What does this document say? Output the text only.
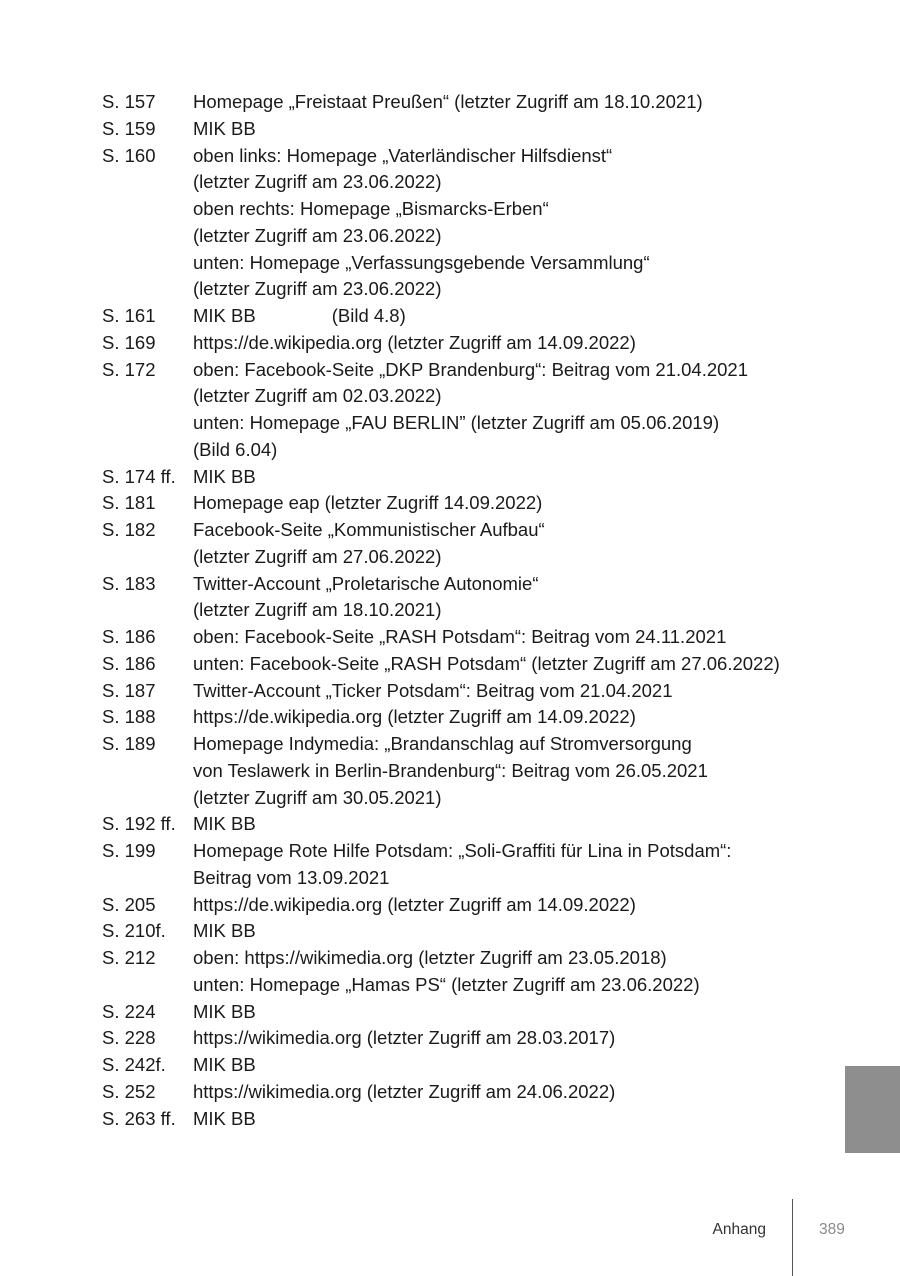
S. 157	Homepage „Freistaat Preußen“ (letzter Zugriff am 18.10.2021)
S. 159	MIK BB
S. 160	oben links: Homepage „Vaterländischer Hilfsdienst“
(letzter Zugriff am 23.06.2022)
oben rechts: Homepage „Bismarcks-Erben“
(letzter Zugriff am 23.06.2022)
unten: Homepage „Verfassungsgebende Versammlung“
(letzter Zugriff am 23.06.2022)
S. 161	MIK BB	(Bild 4.8)
S. 169	https://de.wikipedia.org (letzter Zugriff am 14.09.2022)
S. 172	oben: Facebook-Seite „DKP Brandenburg“: Beitrag vom 21.04.2021
(letzter Zugriff am 02.03.2022)
unten: Homepage „FAU BERLIN” (letzter Zugriff am 05.06.2019)
(Bild 6.04)
S. 174 ff. MIK BB
S. 181	Homepage eap (letzter Zugriff 14.09.2022)
S. 182	Facebook-Seite „Kommunistischer Aufbau“
(letzter Zugriff am 27.06.2022)
S. 183	Twitter-Account „Proletarische Autonomie“
(letzter Zugriff am 18.10.2021)
S. 186	oben: Facebook-Seite „RASH Potsdam“: Beitrag vom 24.11.2021
S. 186	unten: Facebook-Seite „RASH Potsdam“ (letzter Zugriff am 27.06.2022)
S. 187	Twitter-Account „Ticker Potsdam“: Beitrag vom 21.04.2021
S. 188	https://de.wikipedia.org (letzter Zugriff am 14.09.2022)
S. 189	Homepage Indymedia: „Brandanschlag auf Stromversorgung
von Teslawerk in Berlin-Brandenburg“: Beitrag vom 26.05.2021
(letzter Zugriff am 30.05.2021)
S. 192 ff. MIK BB
S. 199	Homepage Rote Hilfe Potsdam: „Soli-Graffiti für Lina in Potsdam“:
Beitrag vom 13.09.2021
S. 205	https://de.wikipedia.org (letzter Zugriff am 14.09.2022)
S. 210f.	MIK BB
S. 212	oben: https://wikimedia.org (letzter Zugriff am 23.05.2018)
unten: Homepage „Hamas PS“ (letzter Zugriff am 23.06.2022)
S. 224	MIK BB
S. 228	https://wikimedia.org (letzter Zugriff am 28.03.2017)
S. 242f.	MIK BB
S. 252	https://wikimedia.org (letzter Zugriff am 24.06.2022)
S. 263 ff. MIK BB
Anhang	389
